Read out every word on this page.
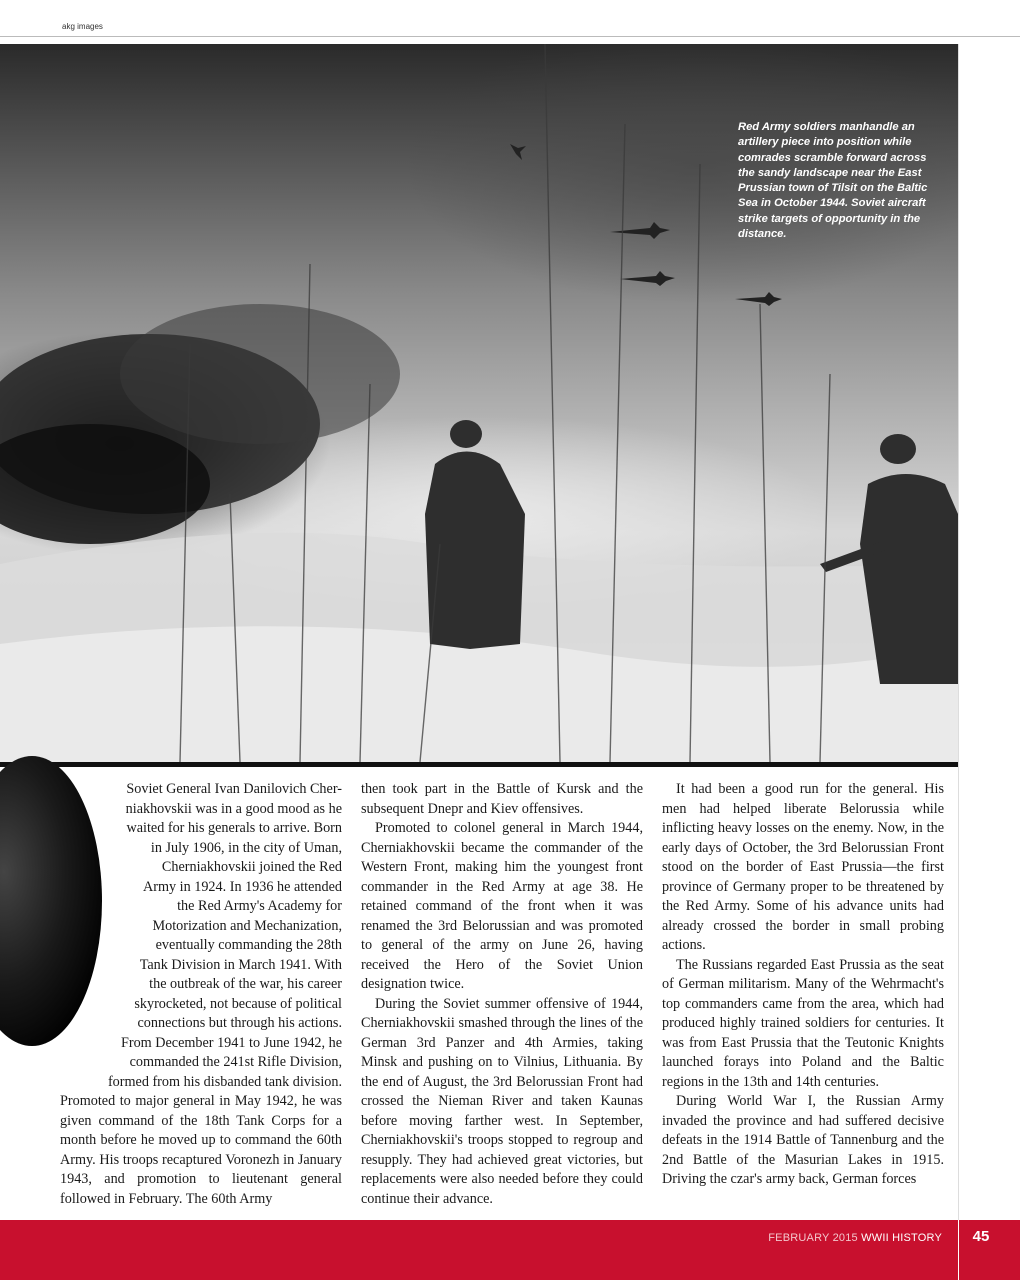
akg images
Red Army soldiers manhandle an artillery piece into position while comrades scramble forward across the sandy landscape near the East Prussian town of Tilsit on the Baltic Sea in October 1944. Soviet aircraft strike targets of opportunity in the distance.
Soviet General Ivan Danilovich Cher-
niakhovskii was in a good mood as he
waited for his generals to arrive. Born
in July 1906, in the city of Uman,
Cherniakhovskii joined the Red
Army in 1924. In 1936 he attended
the Red Army's Academy for
Motorization and Mechanization,
eventually commanding the 28th
Tank Division in March 1941. With
the outbreak of the war, his career
skyrocketed, not because of political
connections but through his actions.
From December 1941 to June 1942, he
commanded the 241st Rifle Division,
formed from his disbanded tank division.

Promoted to major general in May 1942, he was given command of the 18th Tank Corps for a month before he moved up to command the 60th Army. His troops recaptured Voronezh in January 1943, and promotion to lieutenant general followed in February. The 60th Army

then took part in the Battle of Kursk and the subsequent Dnepr and Kiev offensives.

Promoted to colonel general in March 1944, Cherniakhovskii became the commander of the Western Front, making him the youngest front commander in the Red Army at age 38. He retained command of the front when it was renamed the 3rd Belorussian and was promoted to general of the army on June 26, having received the Hero of the Soviet Union designation twice.

During the Soviet summer offensive of 1944, Cherniakhovskii smashed through the lines of the German 3rd Panzer and 4th Armies, taking Minsk and pushing on to Vilnius, Lithuania. By the end of August, the 3rd Belorussian Front had crossed the Nieman River and taken Kaunas before moving farther west. In September, Cherniakhovskii's troops stopped to regroup and resupply. They had achieved great victories, but replacements were also needed before they could continue their advance.

It had been a good run for the general. His men had helped liberate Belorussia while inflicting heavy losses on the enemy. Now, in the early days of October, the 3rd Belorussian Front stood on the border of East Prussia—the first province of Germany proper to be threatened by the Red Army. Some of his advance units had already crossed the border in small probing actions.

The Russians regarded East Prussia as the seat of German militarism. Many of the Wehrmacht's top commanders came from the area, which had produced highly trained soldiers for centuries. It was from East Prussia that the Teutonic Knights launched forays into Poland and the Baltic regions in the 13th and 14th centuries.

During World War I, the Russian Army invaded the province and had suffered decisive defeats in the 1914 Battle of Tannenburg and the 2nd Battle of the Masurian Lakes in 1915. Driving the czar's army back, German forces

FEBRUARY 2015 WWII HISTORY	45
